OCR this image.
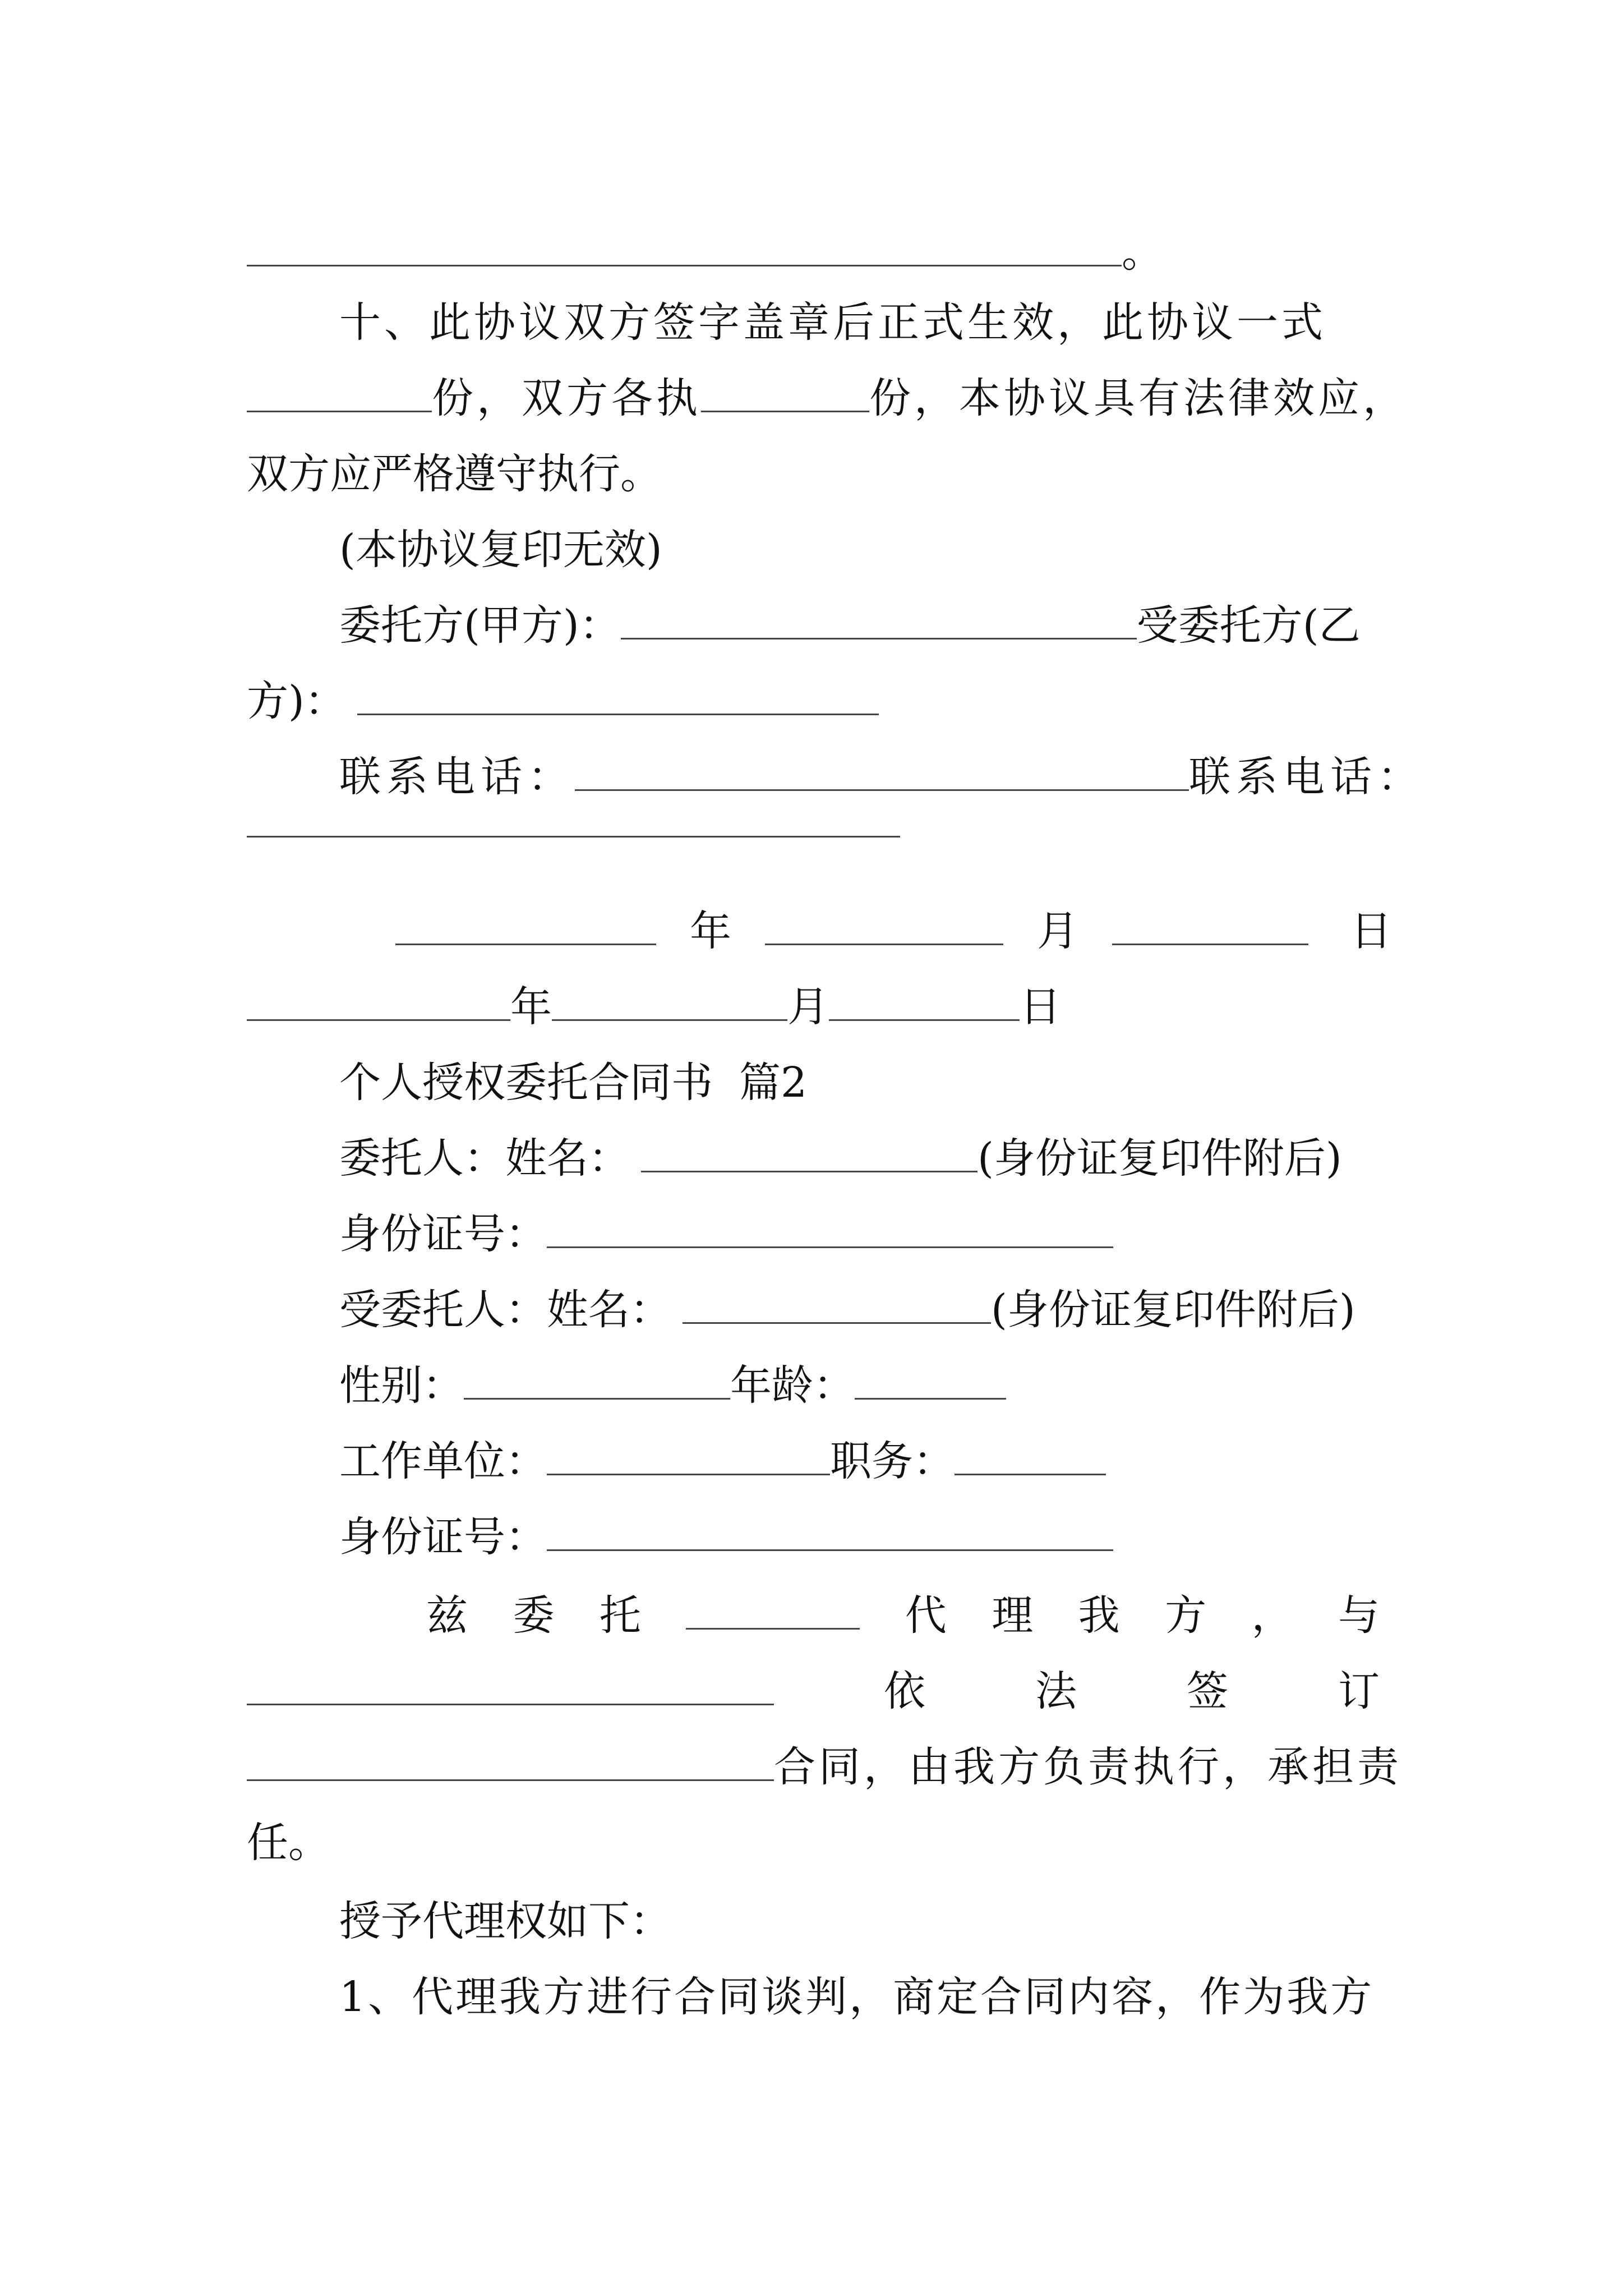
。
十、此协议双方签字盖章后正式生效，此协议一式
份，双方各执	份，本协议具有法律效应，
双方应严格遵守执行。
(本协议复印无效)
委托方(甲方)：	受委托方(乙
方)：
联系电话：	联系电话：
年	月	日
年	月	日
个人授权委托合同书  篇2
委托人：姓名：	(身份证复印件附后)
身份证号：
受委托人：姓名：	(身份证复印件附后)
性别：	年龄：
工作单位：	职务：
身份证号：
兹 委 托	代 理 我 方 ， 与
依	法	签	订
合同，由我方负责执行，承担责
任。
授予代理权如下：
1、代理我方进行合同谈判，商定合同内容，作为我方
